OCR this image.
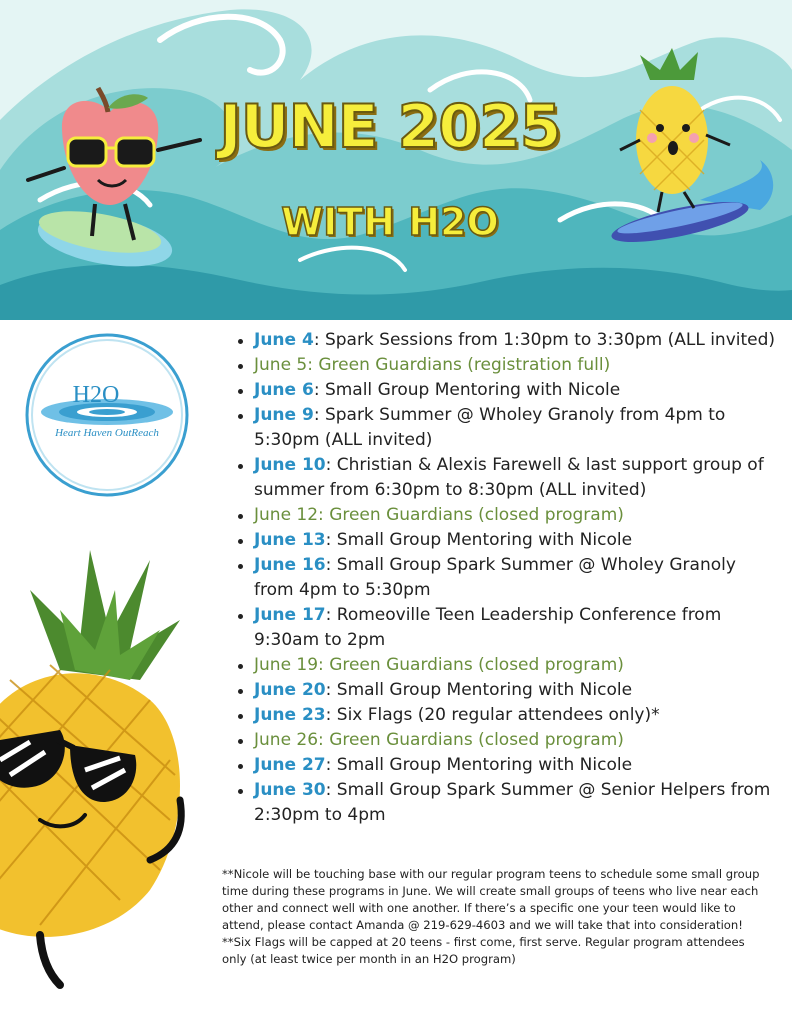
JUNE 2025
WITH H2O
H2O
Heart Haven OutReach
June 4: Spark Sessions from 1:30pm to 3:30pm (ALL invited)
June 5: Green Guardians (registration full)
June 6: Small Group Mentoring with Nicole
June 9: Spark Summer @ Wholey Granoly from 4pm to 5:30pm (ALL invited)
June 10: Christian & Alexis Farewell & last support group of summer from 6:30pm to 8:30pm (ALL invited)
June 12: Green Guardians (closed program)
June 13: Small Group Mentoring with Nicole
June 16: Small Group Spark Summer @ Wholey Granoly from 4pm to 5:30pm
June 17: Romeoville Teen Leadership Conference from 9:30am to 2pm
June 19: Green Guardians (closed program)
June 20: Small Group Mentoring with Nicole
June 23: Six Flags (20 regular attendees only)*
June 26: Green Guardians (closed program)
June 27: Small Group Mentoring with Nicole
June 30: Small Group Spark Summer @ Senior Helpers from 2:30pm to 4pm

**Nicole will be touching base with our regular program teens to schedule some small group time during these programs in June. We will create small groups of teens who live near each other and connect well with one another. If there’s a specific one your teen would like to attend, please contact Amanda @ 219-629-4603 and we will take that into consideration!

**Six Flags will be capped at 20 teens - first come, first serve. Regular program attendees only (at least twice per month in an H2O program)
